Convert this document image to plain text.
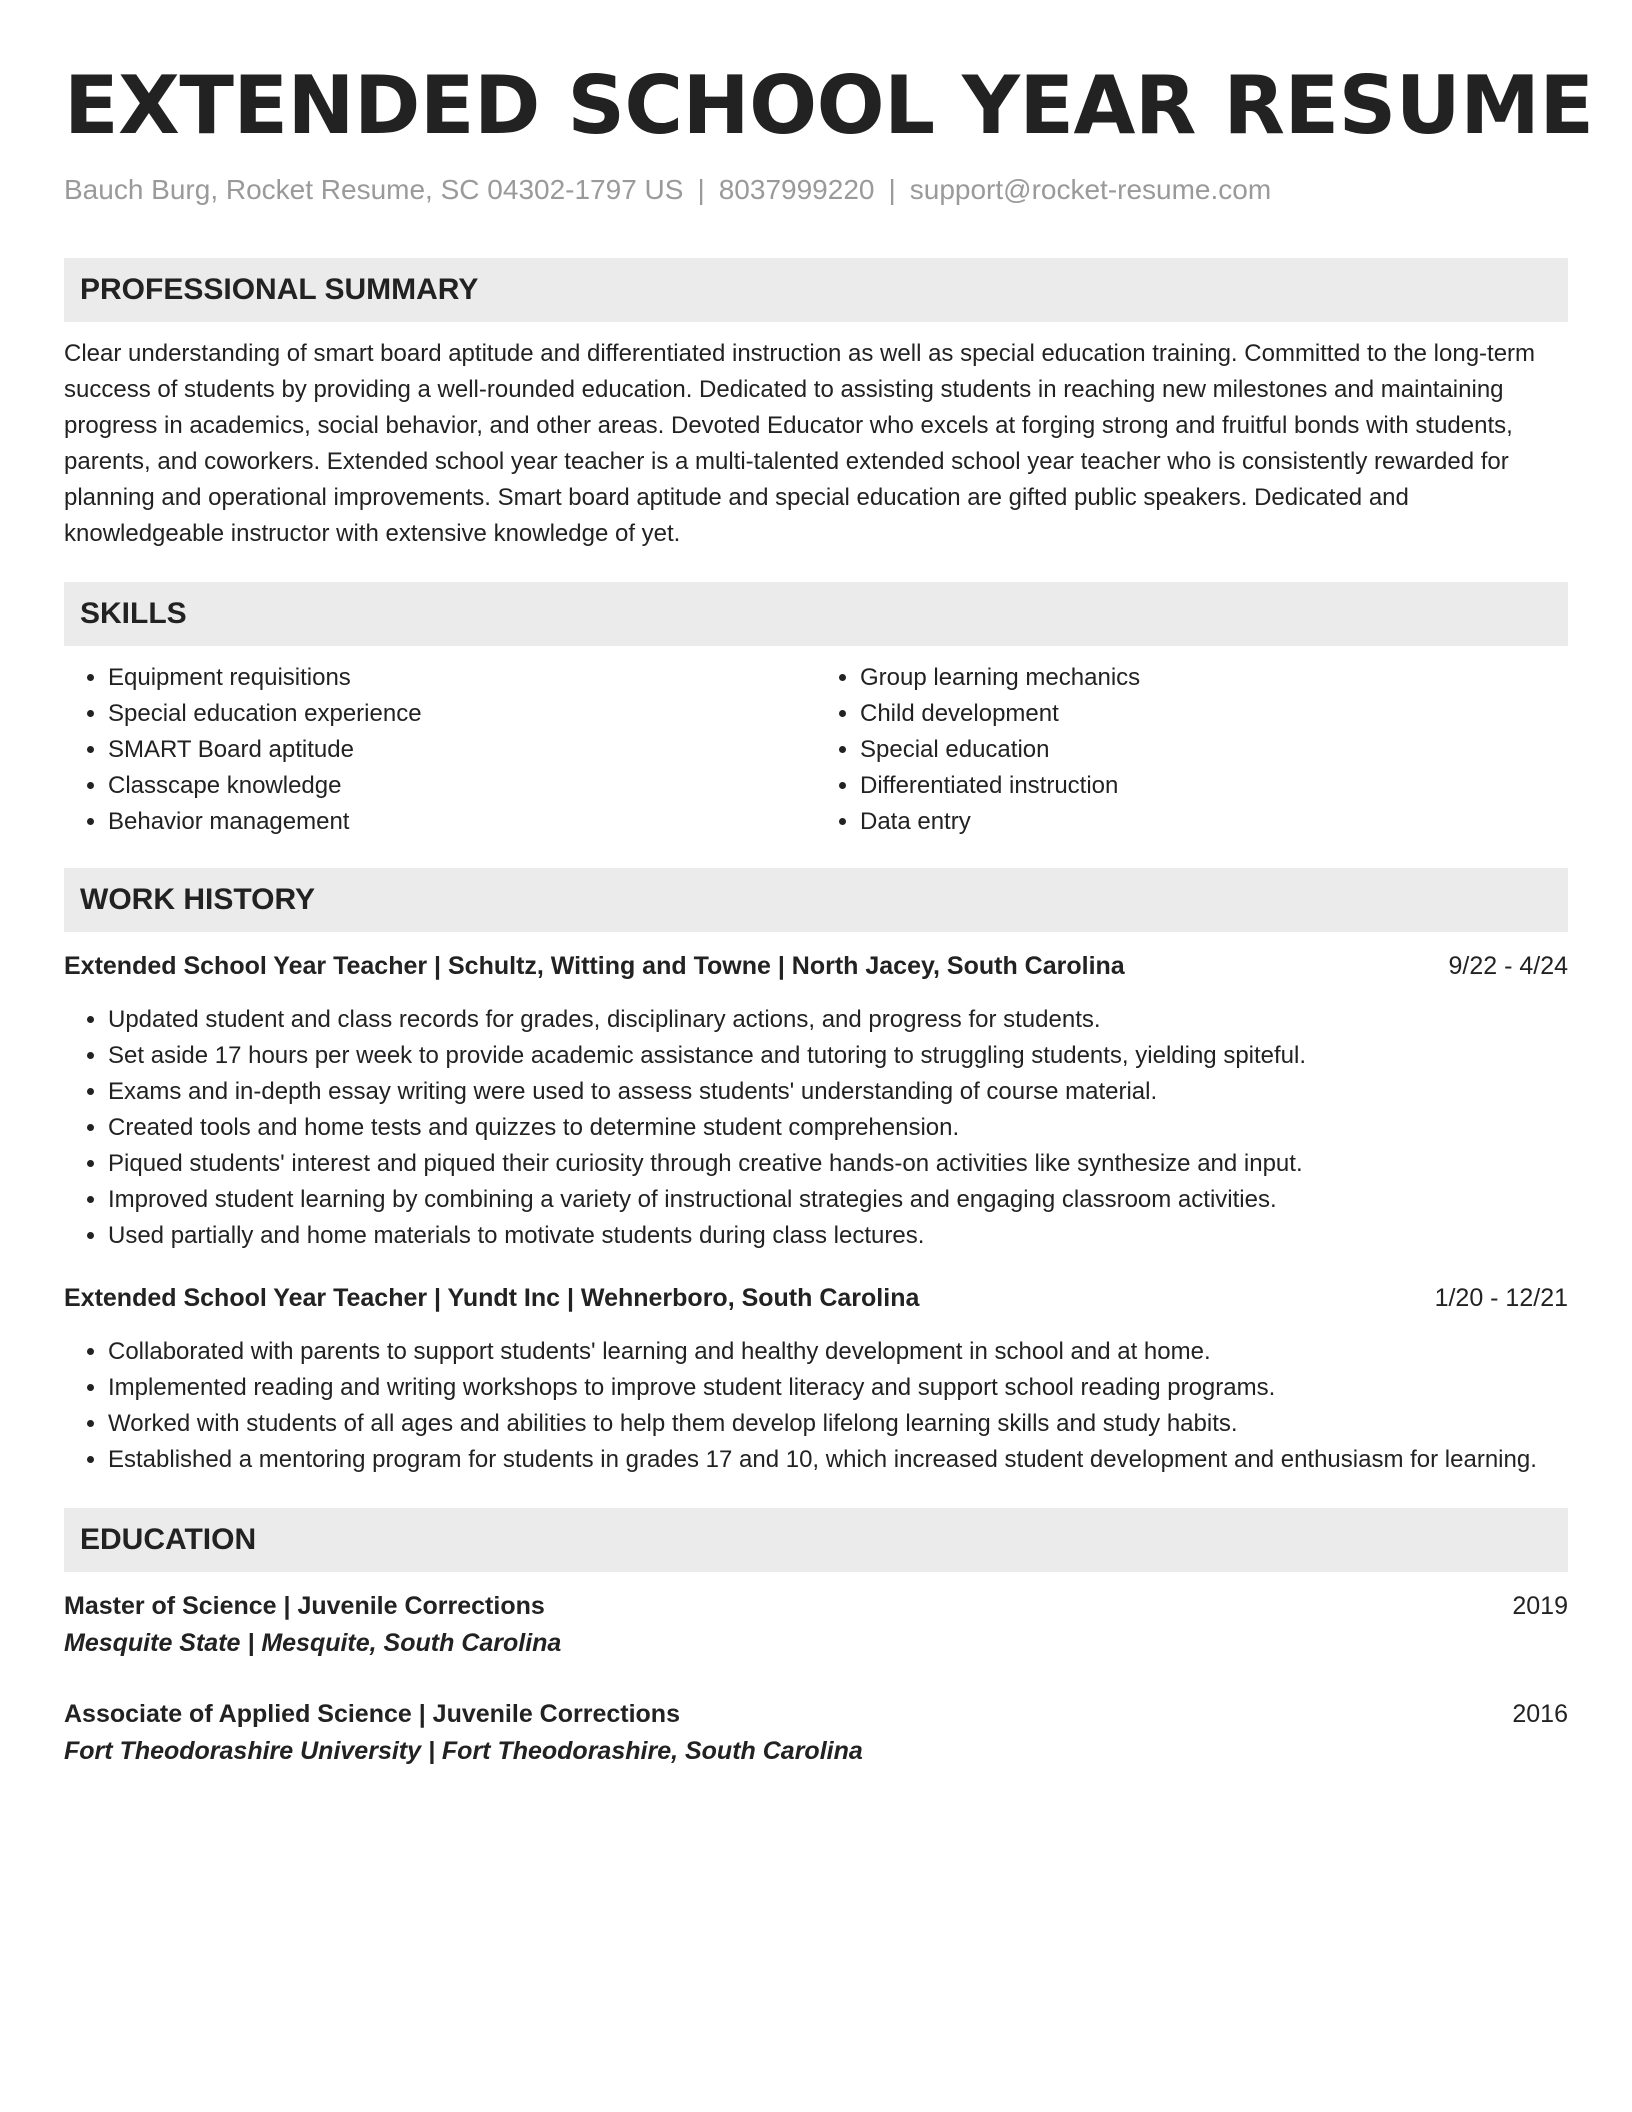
EXTENDED SCHOOL YEAR RESUME
Bauch Burg, Rocket Resume, SC 04302-1797 US | 8037999220 | support@rocket-resume.com
PROFESSIONAL SUMMARY
Clear understanding of smart board aptitude and differentiated instruction as well as special education training. Committed to the long-term success of students by providing a well-rounded education. Dedicated to assisting students in reaching new milestones and maintaining progress in academics, social behavior, and other areas. Devoted Educator who excels at forging strong and fruitful bonds with students, parents, and coworkers. Extended school year teacher is a multi-talented extended school year teacher who is consistently rewarded for planning and operational improvements. Smart board aptitude and special education are gifted public speakers. Dedicated and knowledgeable instructor with extensive knowledge of yet.
SKILLS
• Equipment requisitions
• Special education experience
• SMART Board aptitude
• Classcape knowledge
• Behavior management
• Group learning mechanics
• Child development
• Special education
• Differentiated instruction
• Data entry
WORK HISTORY
Extended School Year Teacher | Schultz, Witting and Towne | North Jacey, South Carolina	9/22 - 4/24
• Updated student and class records for grades, disciplinary actions, and progress for students.
• Set aside 17 hours per week to provide academic assistance and tutoring to struggling students, yielding spiteful.
• Exams and in-depth essay writing were used to assess students' understanding of course material.
• Created tools and home tests and quizzes to determine student comprehension.
• Piqued students' interest and piqued their curiosity through creative hands-on activities like synthesize and input.
• Improved student learning by combining a variety of instructional strategies and engaging classroom activities.
• Used partially and home materials to motivate students during class lectures.
Extended School Year Teacher | Yundt Inc | Wehnerboro, South Carolina	1/20 - 12/21
• Collaborated with parents to support students' learning and healthy development in school and at home.
• Implemented reading and writing workshops to improve student literacy and support school reading programs.
• Worked with students of all ages and abilities to help them develop lifelong learning skills and study habits.
• Established a mentoring program for students in grades 17 and 10, which increased student development and enthusiasm for learning.
EDUCATION
Master of Science | Juvenile Corrections	2019
Mesquite State | Mesquite, South Carolina
Associate of Applied Science | Juvenile Corrections	2016
Fort Theodorashire University | Fort Theodorashire, South Carolina
